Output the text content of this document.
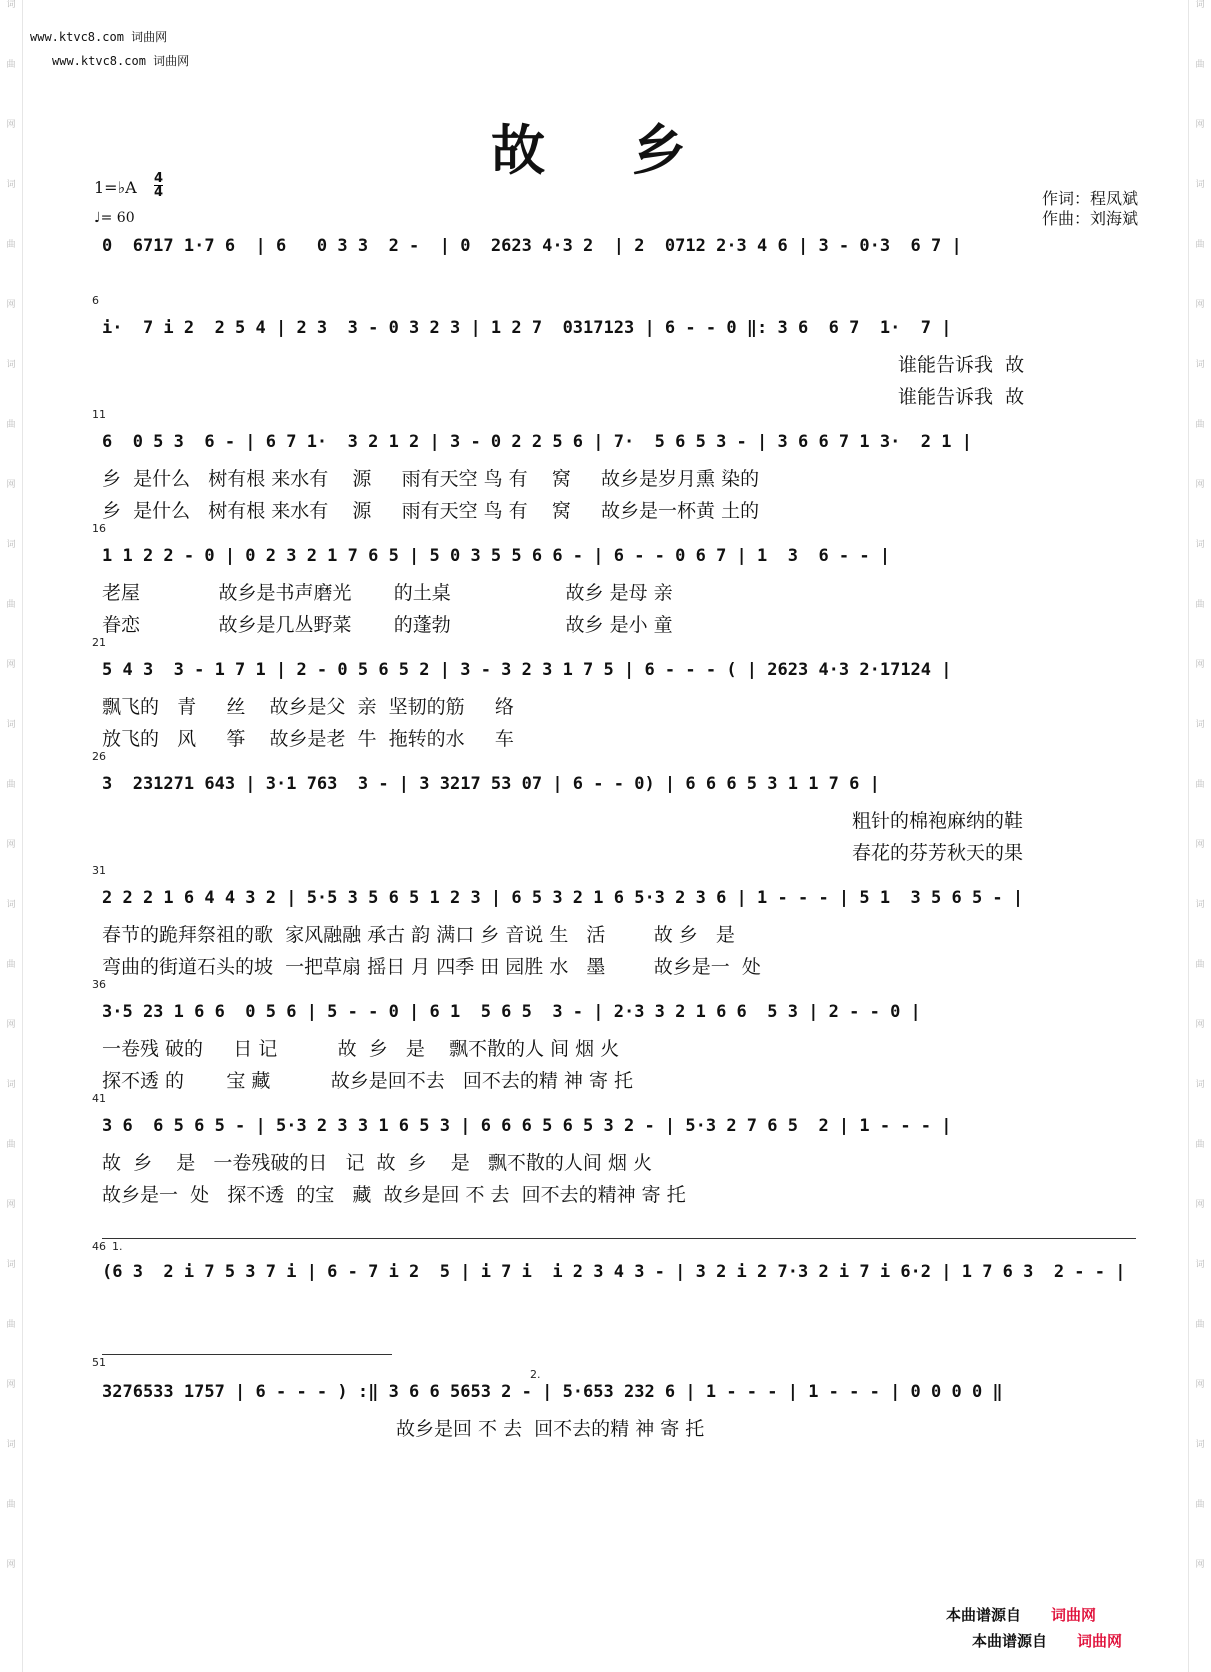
词
曲
网
词
曲
网
词
曲
网
词
曲
网
词
曲
网
词
曲
网
词
曲
网
词
曲
网
词
曲
网
词
曲
网
词
曲
网
词
曲
网
词
曲
网
词
曲
网
词
曲
网
词
曲
网
词
曲
网
词
曲
网
www.ktvc8.com 词曲网
www.ktvc8.com 词曲网
故 乡
1=♭A 4
4
♩= 60
作词：程凤斌
作曲：刘海斌
0  6717 1·7 6  | 6   0 3 3  2 -  | 0  2623 4·3 2  | 2  0712 2·3 4 6 | 3 - 0·3  6 7 |
6
i·  7 i 2  2 5 4 | 2 3  3 - 0 3 2 3 | 1 2 7  0317123 | 6 - - 0 ‖: 3 6  6 7  1·  7 |
谁能告诉我  故
谁能告诉我  故
11
6  0 5 3  6 - | 6 7 1·  3 2 1 2 | 3 - 0 2 2 5 6 | 7·  5 6 5 3 - | 3 6 6 7 1 3·  2 1 |
乡  是什么   树有根 来水有    源     雨有天空 鸟 有    窝     故乡是岁月熏 染的
乡  是什么   树有根 来水有    源     雨有天空 鸟 有    窝     故乡是一杯黄 土的
16
1 1 2 2 - 0 | 0 2 3 2 1 7 6 5 | 5 0 3 5 5 6 6 - | 6 - - 0 6 7 | 1  3  6 - - |
老屋             故乡是书声磨光       的土桌                   故乡 是母 亲
眷恋             故乡是几丛野菜       的蓬勃                   故乡 是小 童
21
5 4 3  3 - 1 7 1 | 2 - 0 5 6 5 2 | 3 - 3 2 3 1 7 5 | 6 - - - ( | 2623 4·3 2·17124 |
飘飞的   青     丝    故乡是父  亲  坚韧的筋     络
放飞的   风     筝    故乡是老  牛  拖转的水     车
26
3  231271 643 | 3·1 763  3 - | 3 3217 53 07 | 6 - - 0) | 6 6 6 5 3 1 1 7 6 |
粗针的棉袍麻纳的鞋
春花的芬芳秋天的果
31
2 2 2 1 6 4 4 3 2 | 5·5 3 5 6 5 1 2 3 | 6 5 3 2 1 6 5·3 2 3 6 | 1 - - - | 5 1  3 5 6 5 - |
春节的跪拜祭祖的歌  家风融融 承古 韵 满口 乡 音说 生   活        故 乡   是
弯曲的街道石头的坡  一把草扇 摇日 月 四季 田 园胜 水   墨        故乡是一  处
36
3·5 23 1 6 6  0 5 6 | 5 - - 0 | 6 1  5 6 5  3 - | 2·3 3 2 1 6 6  5 3 | 2 - - 0 |
一卷残 破的     日 记          故  乡   是    飘不散的人 间 烟 火
探不透 的       宝 藏          故乡是回不去   回不去的精 神 寄 托
41
3 6  6 5 6 5 - | 5·3 2 3 3 1 6 5 3 | 6 6 6 5 6 5 3 2 - | 5·3 2 7 6 5  2 | 1 - - - |
故  乡    是   一卷残破的日   记  故  乡    是   飘不散的人间 烟 火
故乡是一  处   探不透  的宝   藏  故乡是回 不 去  回不去的精神 寄 托
46 1.
(6 3  2 i 7 5 3 7 i | 6 - 7 i 2  5 | i 7 i  i 2 3 4 3 - | 3 2 i 2 7·3 2 i 7 i 6·2 | 1 7 6 3  2 - - |
51
3276533 1757 | 6 - - - ) :‖ 3 6 6 5653 2 - | 5·653 232 6 | 1 - - - | 1 - - - | 0 0 0 0 ‖
故乡是回 不 去  回不去的精 神 寄 托
2.
本曲谱源自   词曲网
本曲谱源自   词曲网
